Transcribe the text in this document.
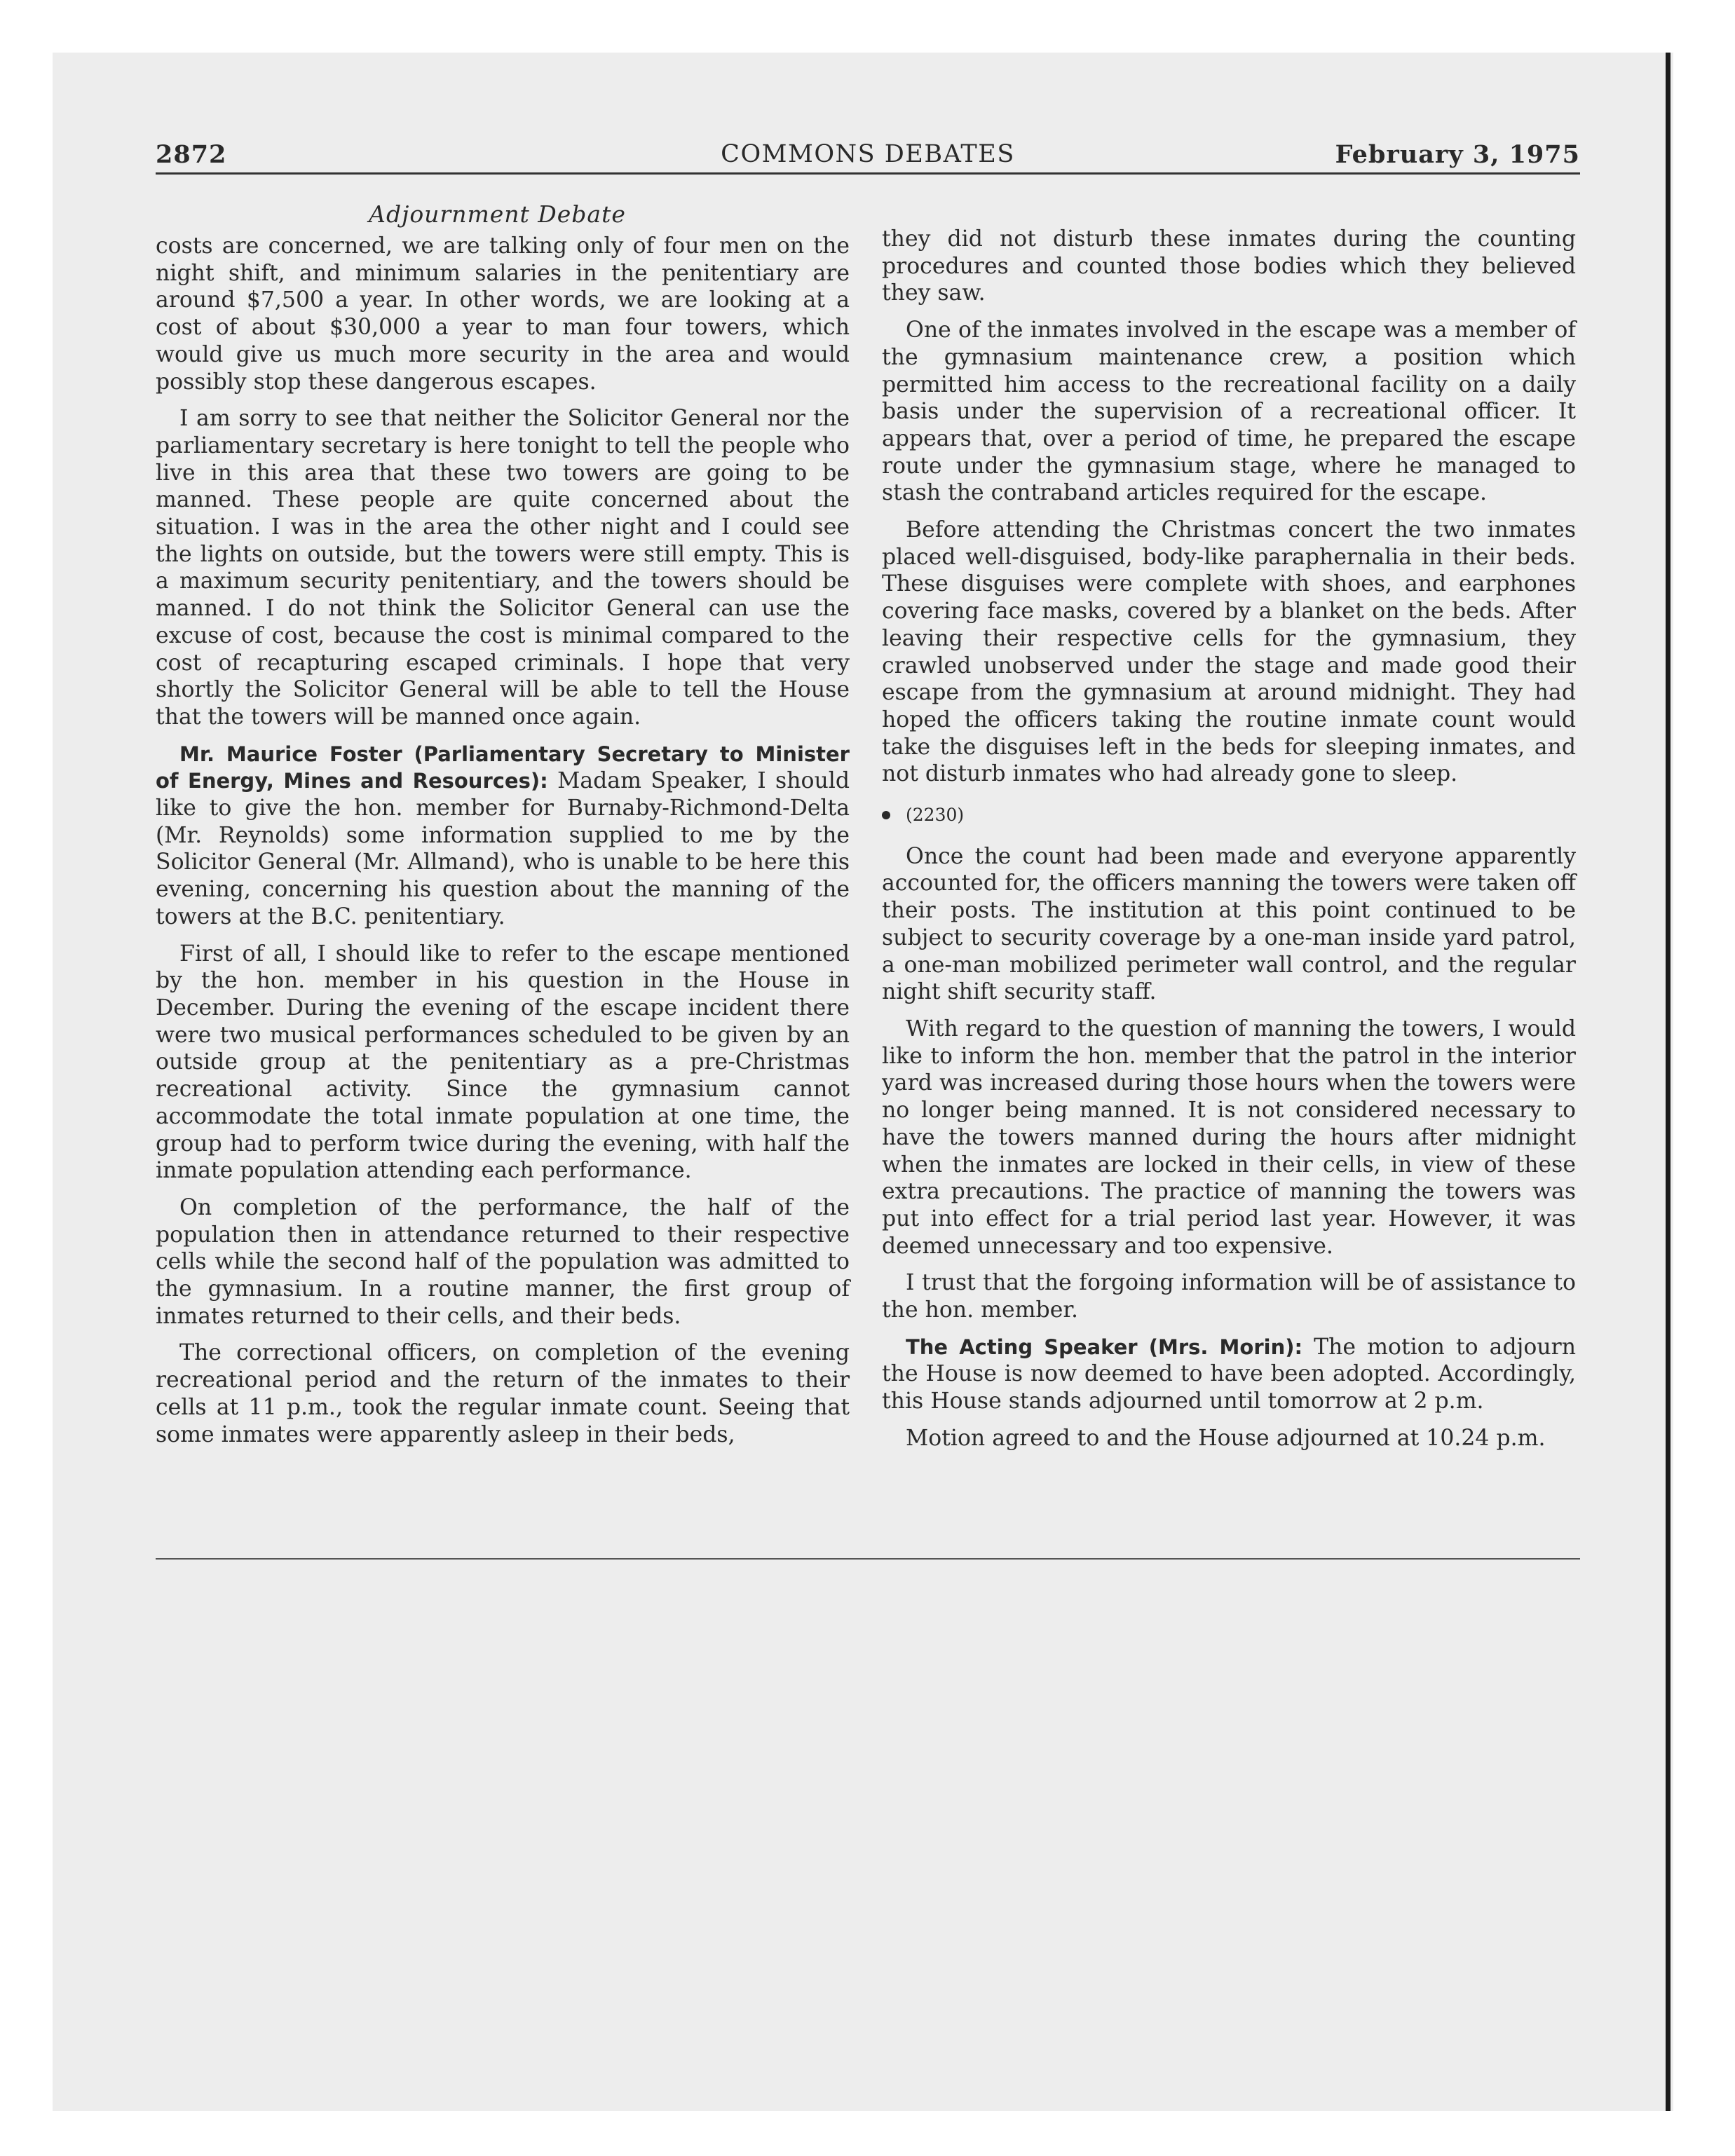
2872	COMMONS DEBATES	February 3, 1975
Adjournment Debate

costs are concerned, we are talking only of four men on the night shift, and minimum salaries in the penitentiary are around $7,500 a year. In other words, we are looking at a cost of about $30,000 a year to man four towers, which would give us much more security in the area and would possibly stop these dangerous escapes.

I am sorry to see that neither the Solicitor General nor the parliamentary secretary is here tonight to tell the people who live in this area that these two towers are going to be manned. These people are quite concerned about the situation. I was in the area the other night and I could see the lights on outside, but the towers were still empty. This is a maximum security penitentiary, and the towers should be manned. I do not think the Solicitor General can use the excuse of cost, because the cost is minimal compared to the cost of recapturing escaped criminals. I hope that very shortly the Solicitor General will be able to tell the House that the towers will be manned once again.

Mr. Maurice Foster (Parliamentary Secretary to Minister of Energy, Mines and Resources): Madam Speaker, I should like to give the hon. member for Burnaby-Richmond-Delta (Mr. Reynolds) some information supplied to me by the Solicitor General (Mr. Allmand), who is unable to be here this evening, concerning his question about the manning of the towers at the B.C. penitentiary.

First of all, I should like to refer to the escape mentioned by the hon. member in his question in the House in December. During the evening of the escape incident there were two musical performances scheduled to be given by an outside group at the penitentiary as a pre-Christmas recreational activity. Since the gymnasium cannot accommodate the total inmate population at one time, the group had to perform twice during the evening, with half the inmate population attending each performance.

On completion of the performance, the half of the population then in attendance returned to their respective cells while the second half of the population was admitted to the gymnasium. In a routine manner, the first group of inmates returned to their cells, and their beds.

The correctional officers, on completion of the evening recreational period and the return of the inmates to their cells at 11 p.m., took the regular inmate count. Seeing that some inmates were apparently asleep in their beds,

they did not disturb these inmates during the counting procedures and counted those bodies which they believed they saw.

One of the inmates involved in the escape was a member of the gymnasium maintenance crew, a position which permitted him access to the recreational facility on a daily basis under the supervision of a recreational officer. It appears that, over a period of time, he prepared the escape route under the gymnasium stage, where he managed to stash the contraband articles required for the escape.

Before attending the Christmas concert the two inmates placed well-disguised, body-like paraphernalia in their beds. These disguises were complete with shoes, and earphones covering face masks, covered by a blanket on the beds. After leaving their respective cells for the gymnasium, they crawled unobserved under the stage and made good their escape from the gymnasium at around midnight. They had hoped the officers taking the routine inmate count would take the disguises left in the beds for sleeping inmates, and not disturb inmates who had already gone to sleep.

(2230)

Once the count had been made and everyone apparently accounted for, the officers manning the towers were taken off their posts. The institution at this point continued to be subject to security coverage by a one-man inside yard patrol, a one-man mobilized perimeter wall control, and the regular night shift security staff.

With regard to the question of manning the towers, I would like to inform the hon. member that the patrol in the interior yard was increased during those hours when the towers were no longer being manned. It is not considered necessary to have the towers manned during the hours after midnight when the inmates are locked in their cells, in view of these extra precautions. The practice of manning the towers was put into effect for a trial period last year. However, it was deemed unnecessary and too expensive.

I trust that the forgoing information will be of assistance to the hon. member.

The Acting Speaker (Mrs. Morin): The motion to adjourn the House is now deemed to have been adopted. Accordingly, this House stands adjourned until tomorrow at 2 p.m.

Motion agreed to and the House adjourned at 10.24 p.m.
